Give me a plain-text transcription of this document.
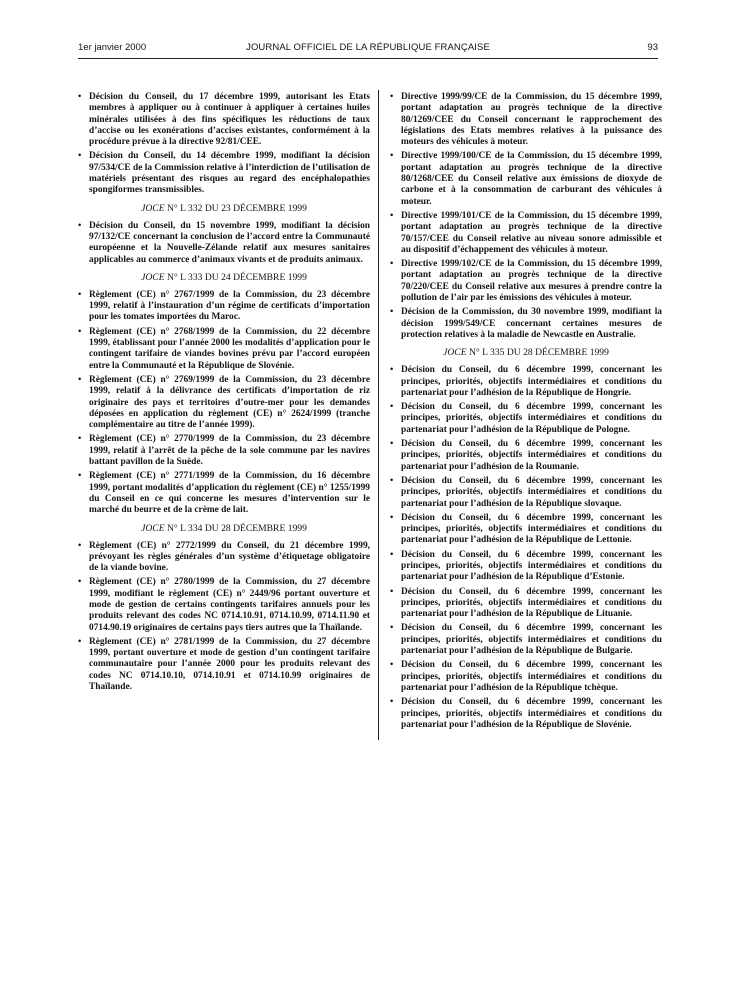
1er janvier 2000	JOURNAL OFFICIEL DE LA RÉPUBLIQUE FRANÇAISE	93
• Décision du Conseil, du 17 décembre 1999, autorisant les Etats membres à appliquer ou à continuer à appliquer à certaines huiles minérales utilisées à des fins spécifiques les réductions de taux d’accise ou les exonérations d’accises existantes, conformément à la procédure prévue à la directive 92/81/CEE.
• Décision du Conseil, du 14 décembre 1999, modifiant la décision 97/534/CE de la Commission relative à l’interdiction de l’utilisation de matériels présentant des risques au regard des encéphalopathies spongiformes transmissibles.
JOCE N° L 332 DU 23 DÉCEMBRE 1999
• Décision du Conseil, du 15 novembre 1999, modifiant la décision 97/132/CE concernant la conclusion de l’accord entre la Communauté européenne et la Nouvelle-Zélande relatif aux mesures sanitaires applicables au commerce d’animaux vivants et de produits animaux.
JOCE N° L 333 DU 24 DÉCEMBRE 1999
• Règlement (CE) n° 2767/1999 de la Commission, du 23 décembre 1999, relatif à l’instauration d’un régime de certificats d’importation pour les tomates importées du Maroc.
• Règlement (CE) n° 2768/1999 de la Commission, du 22 décembre 1999, établissant pour l’année 2000 les modalités d’application pour le contingent tarifaire de viandes bovines prévu par l’accord européen entre la Communauté et la République de Slovénie.
• Règlement (CE) n° 2769/1999 de la Commission, du 23 décembre 1999, relatif à la délivrance des certificats d’importation de riz originaire des pays et territoires d’outre-mer pour les demandes déposées en application du règlement (CE) n° 2624/1999 (tranche complémentaire au titre de l’année 1999).
• Règlement (CE) n° 2770/1999 de la Commission, du 23 décembre 1999, relatif à l’arrêt de la pêche de la sole commune par les navires battant pavillon de la Suède.
• Règlement (CE) n° 2771/1999 de la Commission, du 16 décembre 1999, portant modalités d’application du règlement (CE) n° 1255/1999 du Conseil en ce qui concerne les mesures d’intervention sur le marché du beurre et de la crème de lait.
JOCE N° L 334 DU 28 DÉCEMBRE 1999
• Règlement (CE) n° 2772/1999 du Conseil, du 21 décembre 1999, prévoyant les règles générales d’un système d’étiquetage obligatoire de la viande bovine.
• Règlement (CE) n° 2780/1999 de la Commission, du 27 décembre 1999, modifiant le règlement (CE) n° 2449/96 portant ouverture et mode de gestion de certains contingents tarifaires annuels pour les produits relevant des codes NC 0714.10.91, 0714.10.99, 0714.11.90 et 0714.90.19 originaires de certains pays tiers autres que la Thaïlande.
• Règlement (CE) n° 2781/1999 de la Commission, du 27 décembre 1999, portant ouverture et mode de gestion d’un contingent tarifaire communautaire pour l’année 2000 pour les produits relevant des codes NC 0714.10.10, 0714.10.91 et 0714.10.99 originaires de Thaïlande.
• Directive 1999/99/CE de la Commission, du 15 décembre 1999, portant adaptation au progrès technique de la directive 80/1269/CEE du Conseil concernant le rapprochement des législations des Etats membres relatives à la puissance des moteurs des véhicules à moteur.
• Directive 1999/100/CE de la Commission, du 15 décembre 1999, portant adaptation au progrès technique de la directive 80/1268/CEE du Conseil relative aux émissions de dioxyde de carbone et à la consommation de carburant des véhicules à moteur.
• Directive 1999/101/CE de la Commission, du 15 décembre 1999, portant adaptation au progrès technique de la directive 70/157/CEE du Conseil relative au niveau sonore admissible et au dispositif d’échappement des véhicules à moteur.
• Directive 1999/102/CE de la Commission, du 15 décembre 1999, portant adaptation au progrès technique de la directive 70/220/CEE du Conseil relative aux mesures à prendre contre la pollution de l’air par les émissions des véhicules à moteur.
• Décision de la Commission, du 30 novembre 1999, modifiant la décision 1999/549/CE concernant certaines mesures de protection relatives à la maladie de Newcastle en Australie.
JOCE N° L 335 DU 28 DÉCEMBRE 1999
• Décision du Conseil, du 6 décembre 1999, concernant les principes, priorités, objectifs intermédiaires et conditions du partenariat pour l’adhésion de la République de Hongrie.
• Décision du Conseil, du 6 décembre 1999, concernant les principes, priorités, objectifs intermédiaires et conditions du partenariat pour l’adhésion de la République de Pologne.
• Décision du Conseil, du 6 décembre 1999, concernant les principes, priorités, objectifs intermédiaires et conditions du partenariat pour l’adhésion de la Roumanie.
• Décision du Conseil, du 6 décembre 1999, concernant les principes, priorités, objectifs intermédiaires et conditions du partenariat pour l’adhésion de la République slovaque.
• Décision du Conseil, du 6 décembre 1999, concernant les principes, priorités, objectifs intermédiaires et conditions du partenariat pour l’adhésion de la République de Lettonie.
• Décision du Conseil, du 6 décembre 1999, concernant les principes, priorités, objectifs intermédiaires et conditions du partenariat pour l’adhésion de la République d’Estonie.
• Décision du Conseil, du 6 décembre 1999, concernant les principes, priorités, objectifs intermédiaires et conditions du partenariat pour l’adhésion de la République de Lituanie.
• Décision du Conseil, du 6 décembre 1999, concernant les principes, priorités, objectifs intermédiaires et conditions du partenariat pour l’adhésion de la République de Bulgarie.
• Décision du Conseil, du 6 décembre 1999, concernant les principes, priorités, objectifs intermédiaires et conditions du partenariat pour l’adhésion de la République tchèque.
• Décision du Conseil, du 6 décembre 1999, concernant les principes, priorités, objectifs intermédiaires et conditions du partenariat pour l’adhésion de la République de Slovénie.
